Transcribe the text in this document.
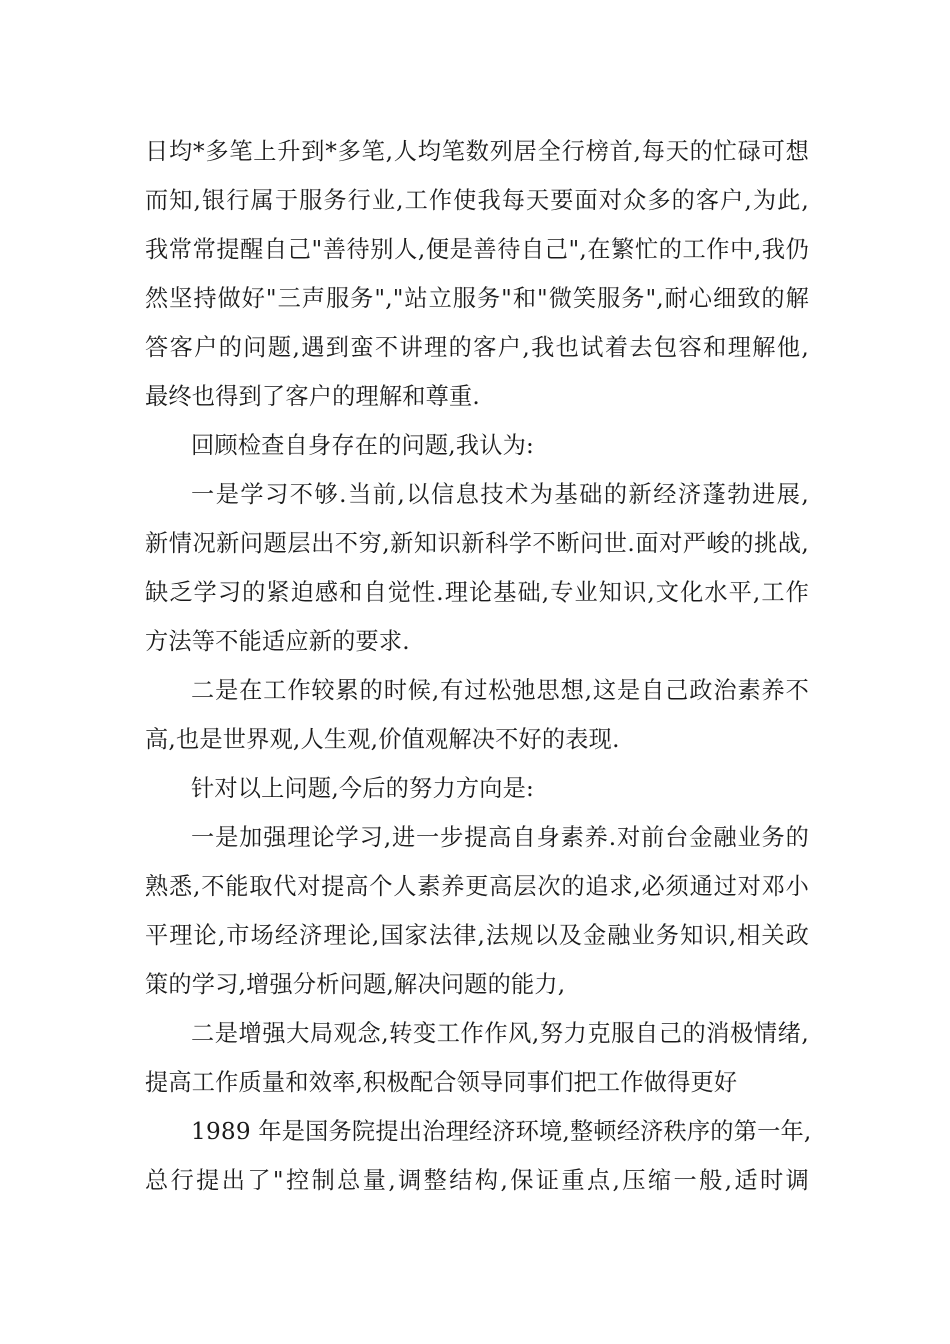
日均*多笔上升到*多笔,人均笔数列居全行榜首,每天的忙碌可想
而知,银行属于服务行业,工作使我每天要面对众多的客户,为此,
我常常提醒自己"善待别人,便是善待自己",在繁忙的工作中,我仍
然坚持做好"三声服务","站立服务"和"微笑服务",耐心细致的解
答客户的问题,遇到蛮不讲理的客户,我也试着去包容和理解他,
最终也得到了客户的理解和尊重.
回顾检查自身存在的问题,我认为:
一是学习不够.当前,以信息技术为基础的新经济蓬勃进展,
新情况新问题层出不穷,新知识新科学不断问世.面对严峻的挑战,
缺乏学习的紧迫感和自觉性.理论基础,专业知识,文化水平,工作
方法等不能适应新的要求.
二是在工作较累的时候,有过松弛思想,这是自己政治素养不
高,也是世界观,人生观,价值观解决不好的表现.
针对以上问题,今后的努力方向是:
一是加强理论学习,进一步提高自身素养.对前台金融业务的
熟悉,不能取代对提高个人素养更高层次的追求,必须通过对邓小
平理论,市场经济理论,国家法律,法规以及金融业务知识,相关政
策的学习,增强分析问题,解决问题的能力,
二是增强大局观念,转变工作作风,努力克服自己的消极情绪,
提高工作质量和效率,积极配合领导同事们把工作做得更好
1989 年是国务院提出治理经济环境,整顿经济秩序的第一年,
总行提出了"控制总量,调整结构,保证重点,压缩一般,适时调
